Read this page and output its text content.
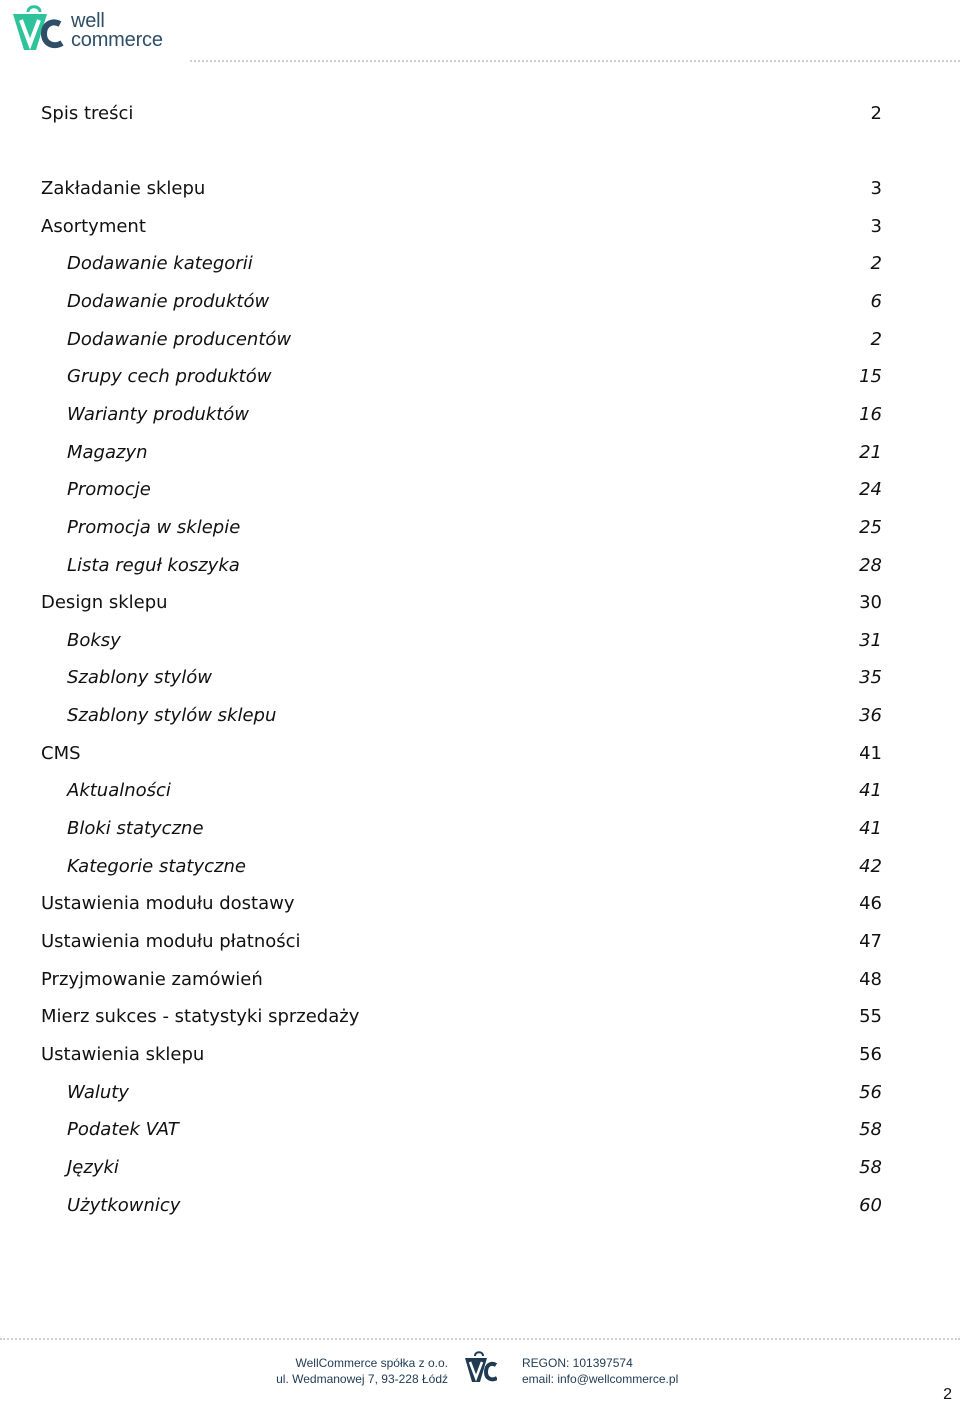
well
commerce
Spis treści	2
Zakładanie sklepu	3
Asortyment	3
Dodawanie kategorii	2
Dodawanie produktów	6
Dodawanie producentów	2
Grupy cech produktów	15
Warianty produktów	16
Magazyn	21
Promocje	24
Promocja w sklepie	25
Lista reguł koszyka	28
Design sklepu	30
Boksy	31
Szablony stylów	35
Szablony stylów sklepu	36
CMS	41
Aktualności	41
Bloki statyczne	41
Kategorie statyczne	42
Ustawienia modułu dostawy	46
Ustawienia modułu płatności	47
Przyjmowanie zamówień	48
Mierz sukces - statystyki sprzedaży	55
Ustawienia sklepu	56
Waluty	56
Podatek VAT	58
Języki	58
Użytkownicy	60
WellCommerce spółka z o.o.
ul. Wedmanowej 7, 93-228 Łódź
REGON: 101397574
email: info@wellcommerce.pl
2
